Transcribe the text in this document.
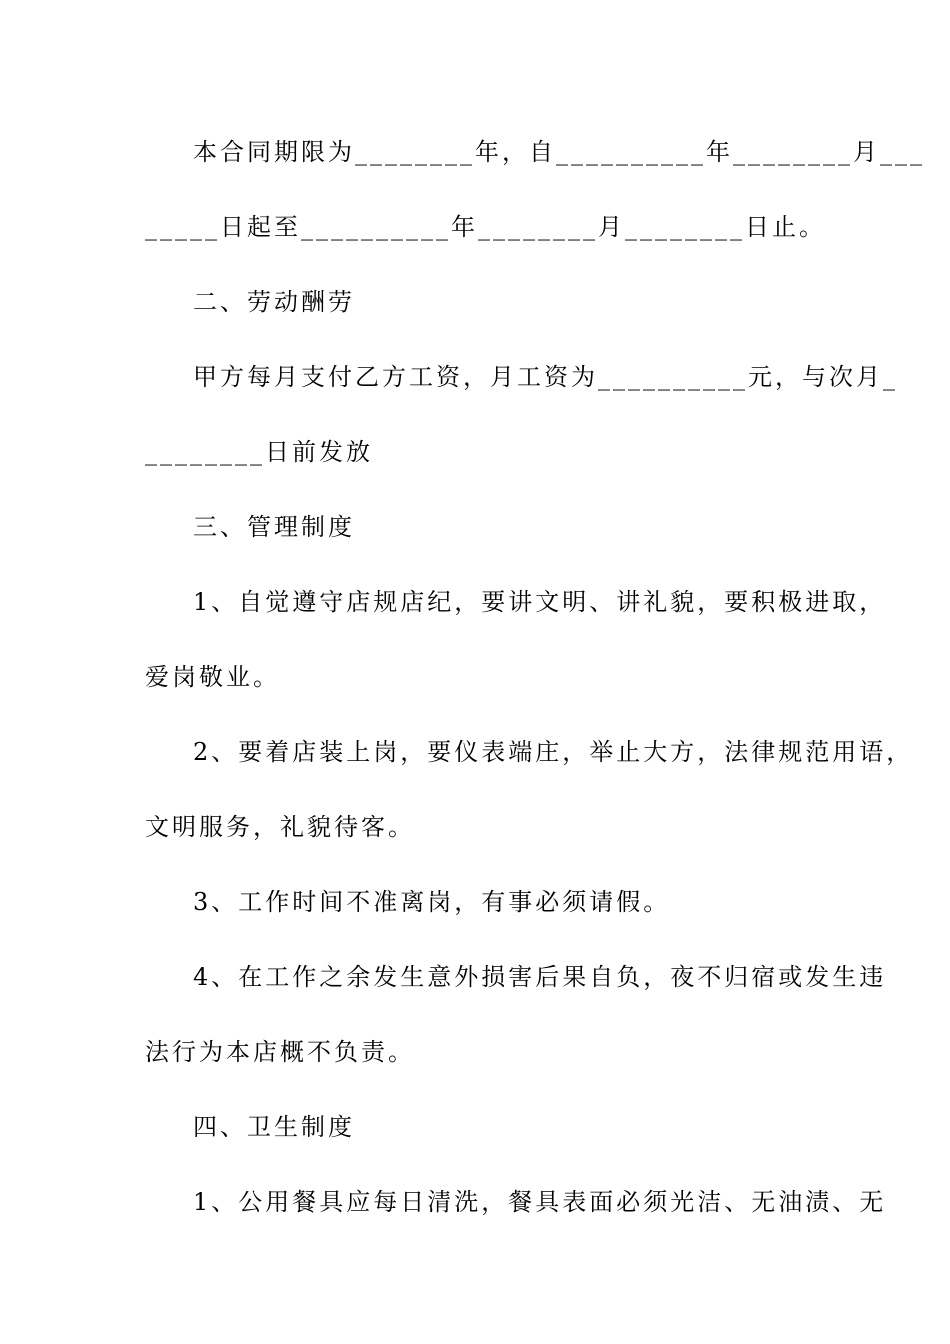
本合同期限为________年，自__________年________月___
_____日起至__________年________月________日止。
二、劳动酬劳
甲方每月支付乙方工资，月工资为__________元，与次月_
________日前发放
三、管理制度
1、自觉遵守店规店纪，要讲文明、讲礼貌，要积极进取，
爱岗敬业。
2、要着店装上岗，要仪表端庄，举止大方，法律规范用语，
文明服务，礼貌待客。
3、工作时间不准离岗，有事必须请假。
4、在工作之余发生意外损害后果自负，夜不归宿或发生违
法行为本店概不负责。
四、卫生制度
1、公用餐具应每日清洗，餐具表面必须光洁、无油渍、无
